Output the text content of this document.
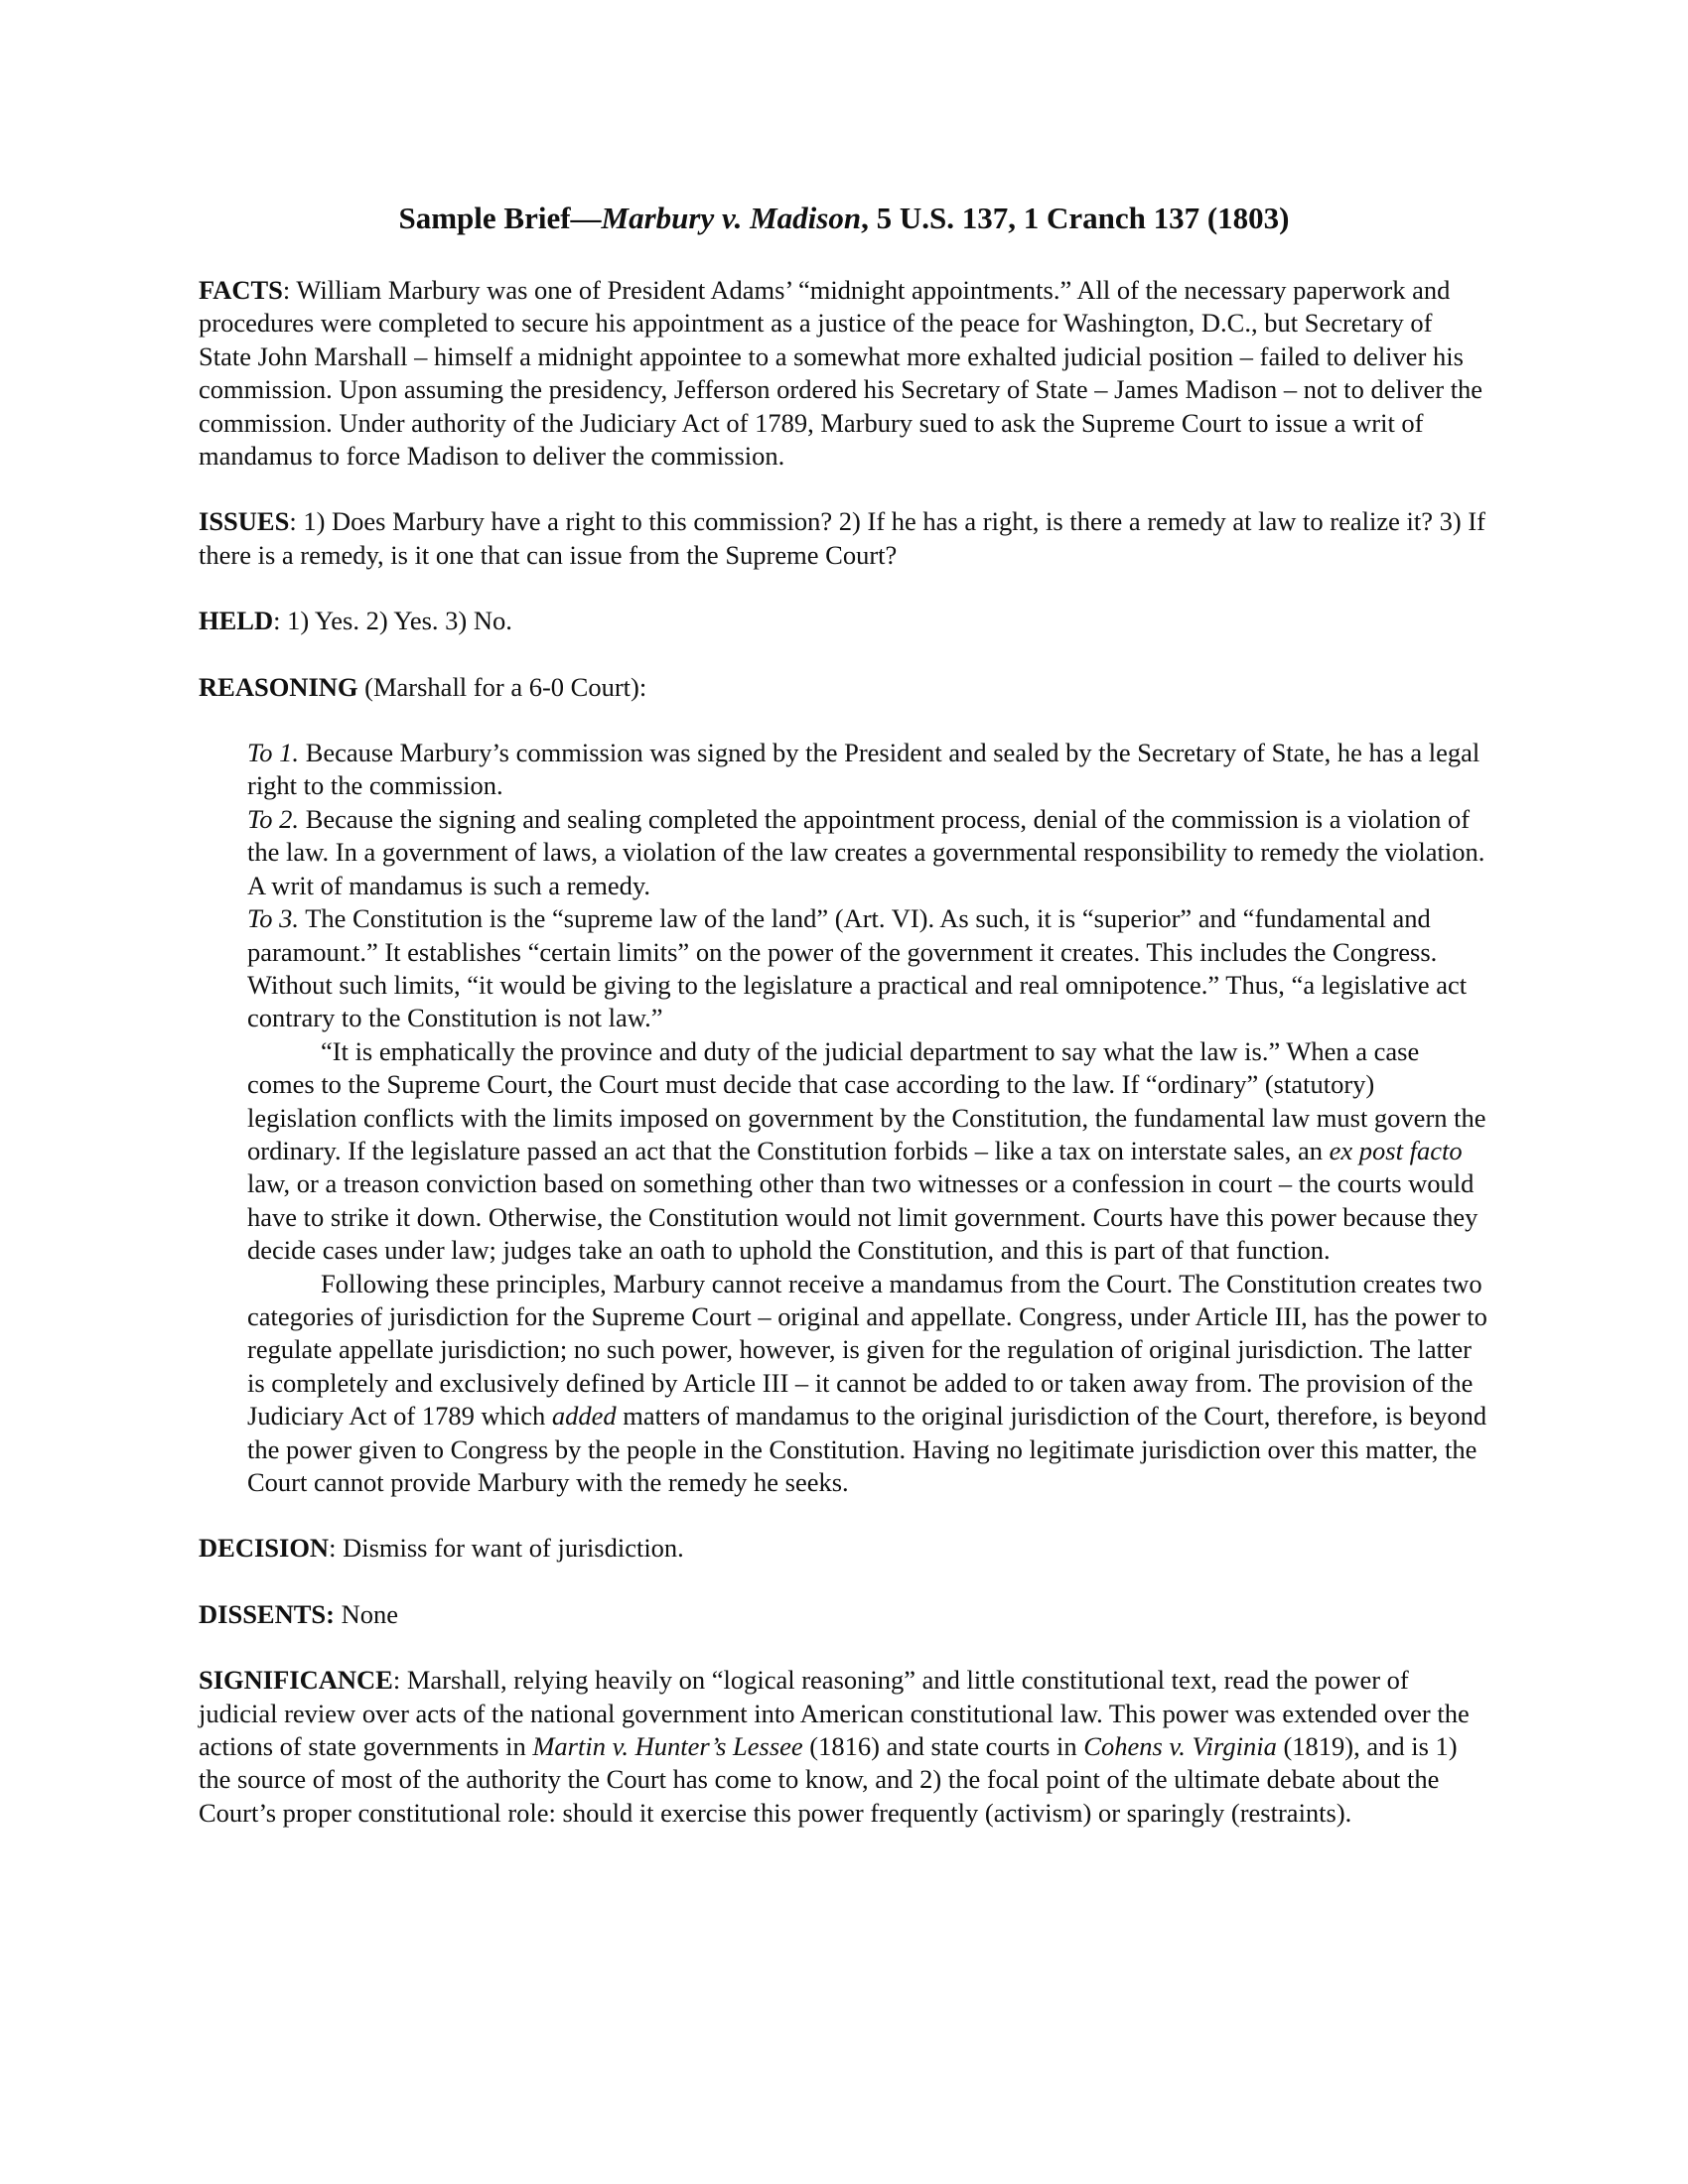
Sample Brief—Marbury v. Madison, 5 U.S. 137, 1 Cranch 137 (1803)

FACTS: William Marbury was one of President Adams’ “midnight appointments.” All of the necessary paperwork and procedures were completed to secure his appointment as a justice of the peace for Washington, D.C., but Secretary of State John Marshall – himself a midnight appointee to a somewhat more exhalted judicial position – failed to deliver his commission. Upon assuming the presidency, Jefferson ordered his Secretary of State – James Madison – not to deliver the commission. Under authority of the Judiciary Act of 1789, Marbury sued to ask the Supreme Court to issue a writ of mandamus to force Madison to deliver the commission.

ISSUES: 1) Does Marbury have a right to this commission? 2) If he has a right, is there a remedy at law to realize it? 3) If there is a remedy, is it one that can issue from the Supreme Court?

HELD: 1) Yes. 2) Yes. 3) No.

REASONING (Marshall for a 6-0 Court):

To 1. Because Marbury’s commission was signed by the President and sealed by the Secretary of State, he has a legal right to the commission.

To 2. Because the signing and sealing completed the appointment process, denial of the commission is a violation of the law. In a government of laws, a violation of the law creates a governmental responsibility to remedy the violation. A writ of mandamus is such a remedy.

To 3. The Constitution is the “supreme law of the land” (Art. VI). As such, it is “superior” and “fundamental and paramount.” It establishes “certain limits” on the power of the government it creates. This includes the Congress. Without such limits, “it would be giving to the legislature a practical and real omnipotence.” Thus, “a legislative act contrary to the Constitution is not law.”

“It is emphatically the province and duty of the judicial department to say what the law is.” When a case comes to the Supreme Court, the Court must decide that case according to the law. If “ordinary” (statutory) legislation conflicts with the limits imposed on government by the Constitution, the fundamental law must govern the ordinary. If the legislature passed an act that the Constitution forbids – like a tax on interstate sales, an ex post facto law, or a treason conviction based on something other than two witnesses or a confession in court – the courts would have to strike it down. Otherwise, the Constitution would not limit government. Courts have this power because they decide cases under law; judges take an oath to uphold the Constitution, and this is part of that function.

Following these principles, Marbury cannot receive a mandamus from the Court. The Constitution creates two categories of jurisdiction for the Supreme Court – original and appellate. Congress, under Article III, has the power to regulate appellate jurisdiction; no such power, however, is given for the regulation of original jurisdiction. The latter is completely and exclusively defined by Article III – it cannot be added to or taken away from. The provision of the Judiciary Act of 1789 which added matters of mandamus to the original jurisdiction of the Court, therefore, is beyond the power given to Congress by the people in the Constitution. Having no legitimate jurisdiction over this matter, the Court cannot provide Marbury with the remedy he seeks.

DECISION: Dismiss for want of jurisdiction.

DISSENTS: None

SIGNIFICANCE: Marshall, relying heavily on “logical reasoning” and little constitutional text, read the power of judicial review over acts of the national government into American constitutional law. This power was extended over the actions of state governments in Martin v. Hunter’s Lessee (1816) and state courts in Cohens v. Virginia (1819), and is 1) the source of most of the authority the Court has come to know, and 2) the focal point of the ultimate debate about the Court’s proper constitutional role: should it exercise this power frequently (activism) or sparingly (restraints).
